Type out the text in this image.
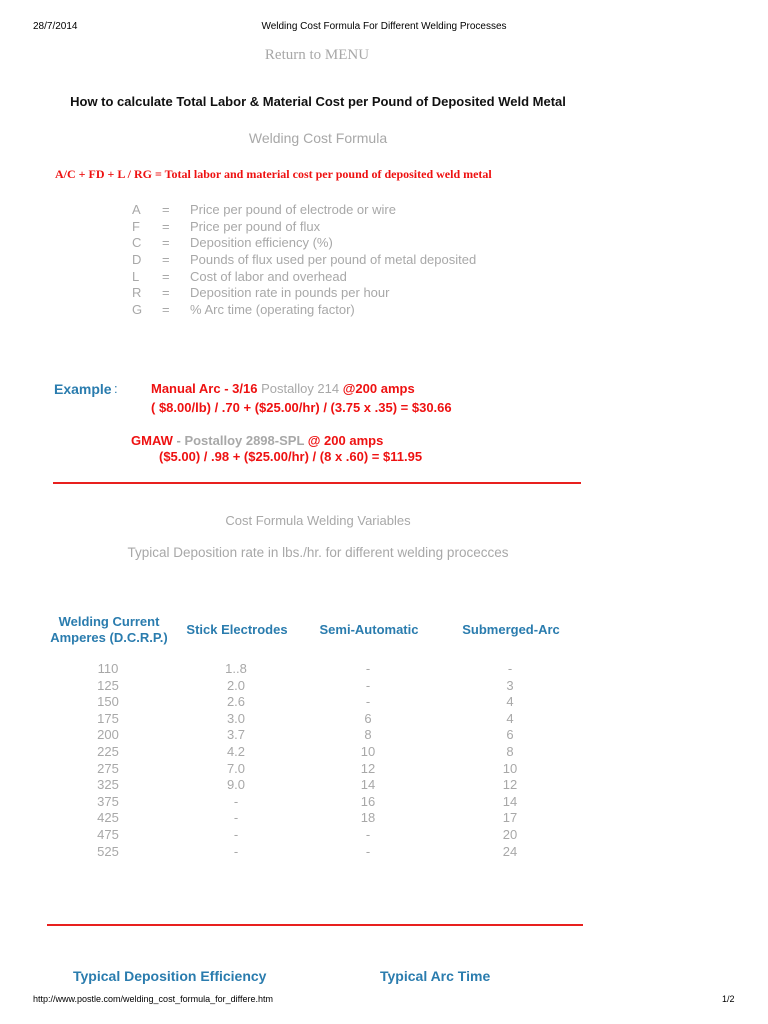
28/7/2014	Welding Cost Formula For Different Welding Processes
Return to MENU
How to calculate Total Labor & Material Cost per Pound of Deposited Weld Metal
Welding Cost Formula
A/C + FD + L / RG = Total labor and material cost per pound of deposited weld metal
A = Price per pound of electrode or wire
F = Price per pound of flux
C = Deposition efficiency (%)
D = Pounds of flux used per pound of metal deposited
L = Cost of labor and overhead
R = Deposition rate in pounds per hour
G = % Arc time (operating factor)
Example :	Manual Arc - 3/16 Postalloy 214 @200 amps
( $8.00/lb) / .70 + ($25.00/hr) / (3.75 x .35) = $30.66
GMAW - Postalloy 2898-SPL @ 200 amps
($5.00) / .98 + ($25.00/hr) / (8 x .60) = $11.95
Cost Formula Welding Variables
Typical Deposition rate in lbs./hr. for different welding procecces
Welding Current
Amperes (D.C.R.P.)
Stick Electrodes	Semi-Automatic	Submerged-Arc
110	1..8	-	-
125	2.0	-	3
150	2.6	-	4
175	3.0	6	4
200	3.7	8	6
225	4.2	10	8
275	7.0	12	10
325	9.0	14	12
375	-	16	14
425	-	18	17
475	-	-	20
525	-	-	24
Typical Deposition Efficiency	Typical Arc Time
http://www.postle.com/welding_cost_formula_for_differe.htm	1/2
